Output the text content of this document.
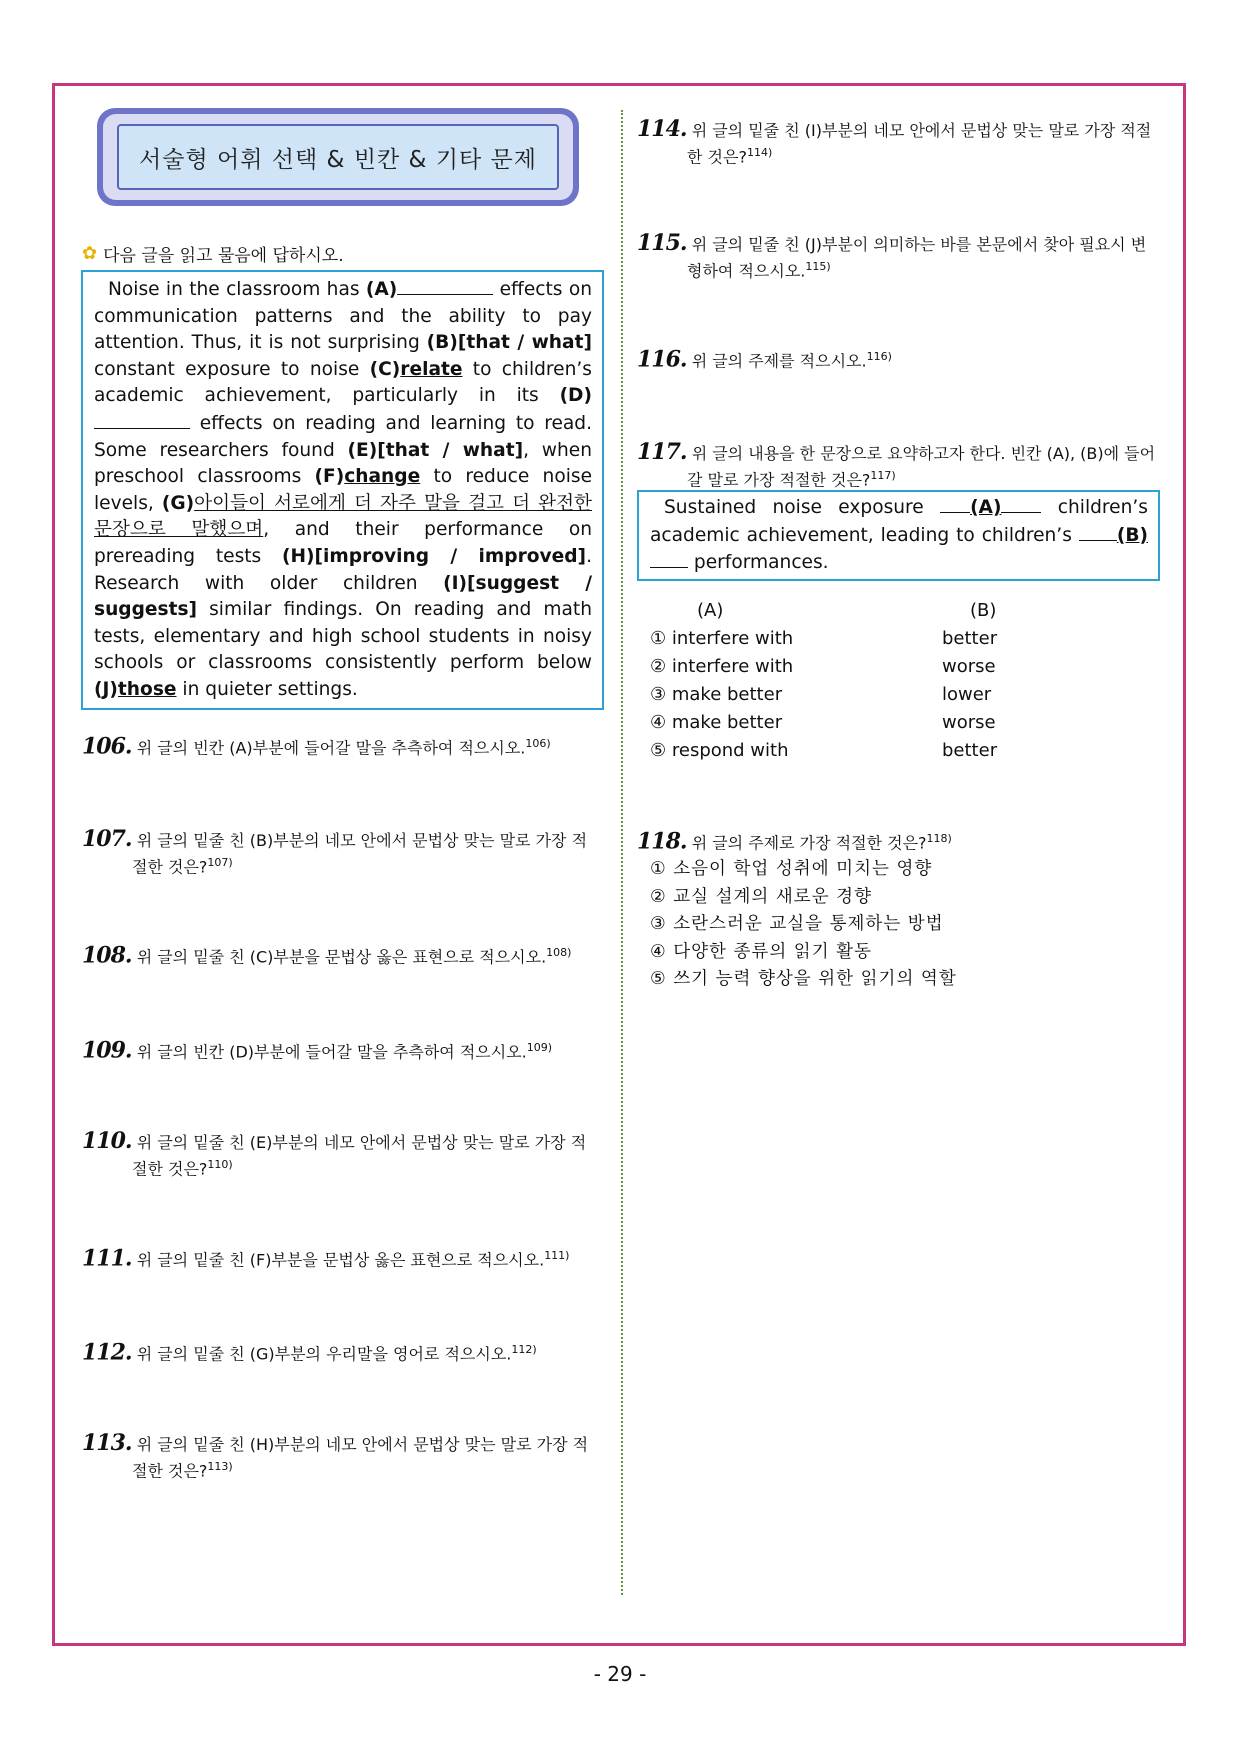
서술형 어휘 선택 & 빈칸 & 기타 문제
✿ 다음 글을 읽고 물음에 답하시오.

Noise in the classroom has (A)	effects on communication patterns and the ability to pay attention. Thus, it is not surprising (B)[that / what] constant exposure to noise (C)relate to children’s academic achievement, particularly in its (D) effects on reading and learning to read. Some researchers found (E)[that / what], when preschool classrooms (F)change to reduce noise levels, (G)아이들이 서로에게 더 자주 말을 걸고 더 완전한 문장으로 말했으며, and their performance on prereading tests (H)[improving / improved]. Research with older children (I)[suggest / suggests] similar findings. On reading and math tests, elementary and high school students in noisy schools or classrooms consistently perform below (J)those in quieter settings.

106. 위 글의 빈칸 (A)부분에 들어갈 말을 추측하여 적으시오.$^{106)}$
107. 위 글의 밑줄 친 (B)부분의 네모 안에서 문법상 맞는 말로 가장 적
절한 것은?$^{107)}$
108. 위 글의 밑줄 친 (C)부분을 문법상 옳은 표현으로 적으시오.$^{108)}$
109. 위 글의 빈칸 (D)부분에 들어갈 말을 추측하여 적으시오.$^{109)}$
110. 위 글의 밑줄 친 (E)부분의 네모 안에서 문법상 맞는 말로 가장 적
절한 것은?$^{110)}$
111. 위 글의 밑줄 친 (F)부분을 문법상 옳은 표현으로 적으시오.$^{111)}$
112. 위 글의 밑줄 친 (G)부분의 우리말을 영어로 적으시오.$^{112)}$
113. 위 글의 밑줄 친 (H)부분의 네모 안에서 문법상 맞는 말로 가장 적
절한 것은?$^{113)}$
114. 위 글의 밑줄 친 (I)부분의 네모 안에서 문법상 맞는 말로 가장 적절
한 것은?$^{114)}$
115. 위 글의 밑줄 친 (J)부분이 의미하는 바를 본문에서 찾아 필요시 변
형하여 적으시오.$^{115)}$
116. 위 글의 주제를 적으시오.$^{116)}$
117. 위 글의 내용을 한 문장으로 요약하고자 한다. 빈칸 (A), (B)에 들어
갈 말로 가장 적절한 것은?$^{117)}$

Sustained noise exposure (A) children’s academic achievement, leading to children’s (B) performances.

(A)	(B)
① interfere with	better
② interfere with	worse
③ make better	lower
④ make better	worse
⑤ respond with	better
118. 위 글의 주제로 가장 적절한 것은?$^{118)}$
① 소음이 학업 성취에 미치는 영향
② 교실 설계의 새로운 경향
③ 소란스러운 교실을 통제하는 방법
④ 다양한 종류의 읽기 활동
⑤ 쓰기 능력 향상을 위한 읽기의 역할
- 29 -
